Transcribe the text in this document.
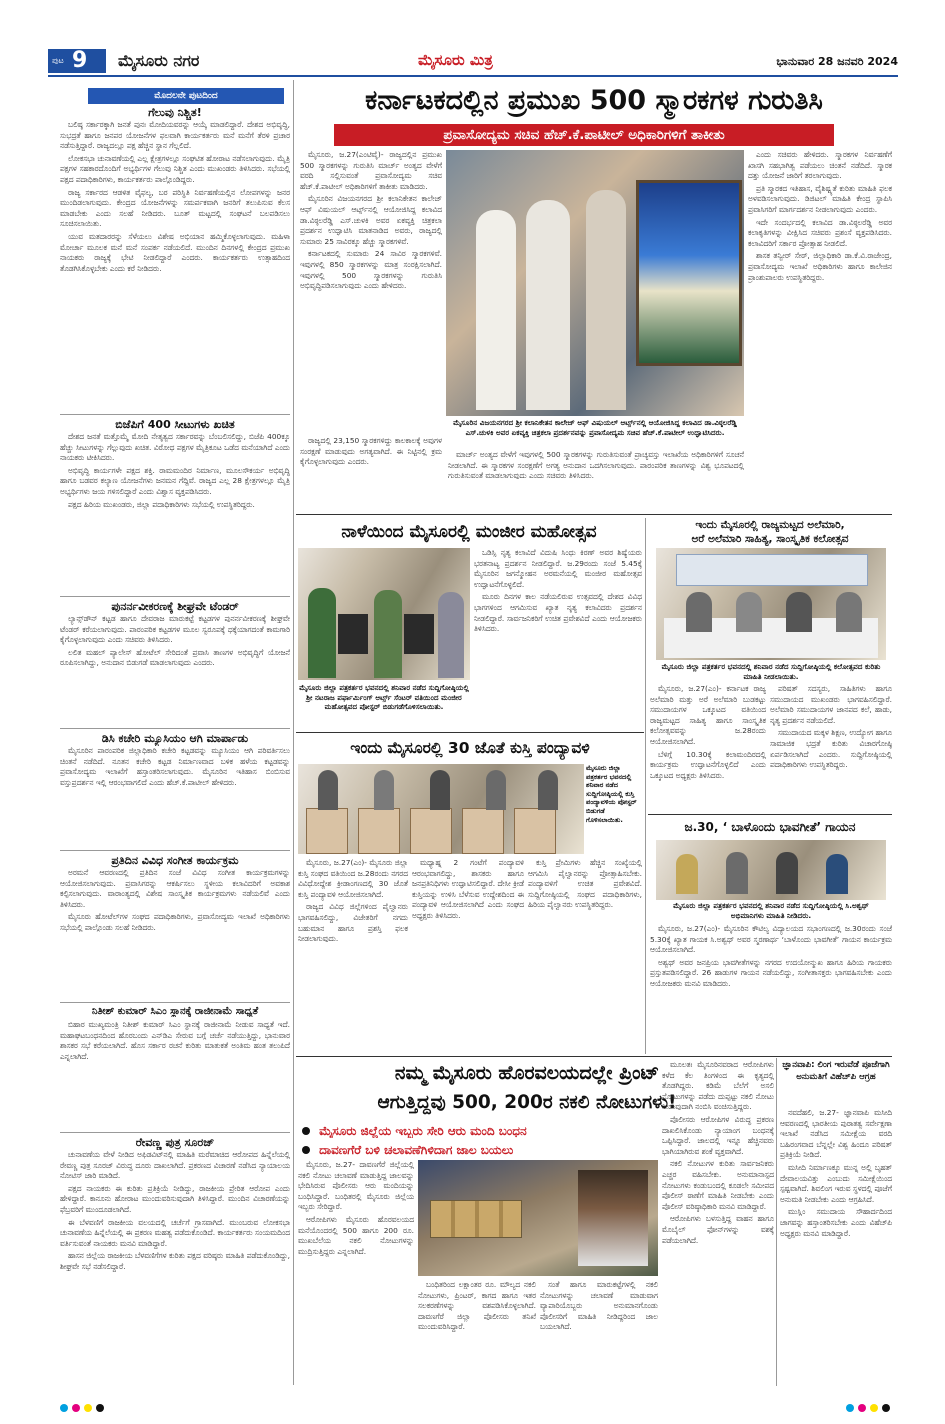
ಪುಟ 9 ಮೈಸೂರು ನಗರ	ಮೈಸೂರು ಮಿತ್ರ	ಭಾನುವಾರ 28 ಜನವರಿ 2024
ಮೊದಲನೇ ಪುಟದಿಂದ
ಗೆಲುವು ನಿಶ್ಚಿತ!

ಬಲಿಷ್ಠ ಸರ್ಕಾರಕ್ಕಾಗಿ ಜನತೆ ಪುನಃ ಮೋದಿಯವರನ್ನು ಆಯ್ಕೆ ಮಾಡಲಿದ್ದಾರೆ. ದೇಶದ ಅಭಿವೃದ್ಧಿ, ಸುಭದ್ರತೆ ಹಾಗೂ ಜನಪರ ಯೋಜನೆಗಳ ಫಲವಾಗಿ ಕಾರ್ಯಕರ್ತರು ಮನೆ ಮನೆಗೆ ತೆರಳಿ ಪ್ರಚಾರ ನಡೆಸುತ್ತಿದ್ದಾರೆ. ರಾಜ್ಯದಲ್ಲೂ ಪಕ್ಷ ಹೆಚ್ಚಿನ ಸ್ಥಾನ ಗೆಲ್ಲಲಿದೆ.

ಲೋಕಸಭಾ ಚುನಾವಣೆಯಲ್ಲಿ ಎಲ್ಲ ಕ್ಷೇತ್ರಗಳಲ್ಲೂ ಸಂಘಟಿತ ಹೋರಾಟ ನಡೆಸಲಾಗುವುದು. ಮೈತ್ರಿ ಪಕ್ಷಗಳ ಸಹಕಾರದೊಂದಿಗೆ ಅಭ್ಯರ್ಥಿಗಳ ಗೆಲುವು ನಿಶ್ಚಿತ ಎಂದು ಮುಖಂಡರು ತಿಳಿಸಿದರು. ಸಭೆಯಲ್ಲಿ ಪಕ್ಷದ ಪದಾಧಿಕಾರಿಗಳು, ಕಾರ್ಯಕರ್ತರು ಪಾಲ್ಗೊಂಡಿದ್ದರು.

ರಾಜ್ಯ ಸರ್ಕಾರದ ಆಡಳಿತ ವೈಫಲ್ಯ, ಬರ ಪರಿಸ್ಥಿತಿ ನಿರ್ವಹಣೆಯಲ್ಲಿನ ಲೋಪಗಳನ್ನು ಜನರ ಮುಂದಿಡಲಾಗುವುದು. ಕೇಂದ್ರದ ಯೋಜನೆಗಳನ್ನು ಸಮರ್ಪಕವಾಗಿ ಜನರಿಗೆ ತಲುಪಿಸುವ ಕೆಲಸ ಮಾಡಬೇಕು ಎಂದು ಸಲಹೆ ನೀಡಿದರು. ಬೂತ್ ಮಟ್ಟದಲ್ಲಿ ಸಂಘಟನೆ ಬಲಪಡಿಸಲು ಸೂಚಿಸಲಾಯಿತು.

ಯುವ ಮತದಾರರನ್ನು ಸೆಳೆಯಲು ವಿಶೇಷ ಅಭಿಯಾನ ಹಮ್ಮಿಕೊಳ್ಳಲಾಗುವುದು. ಮಹಿಳಾ ಮೋರ್ಚಾ ಮೂಲಕ ಮನೆ ಮನೆ ಸಂಪರ್ಕ ನಡೆಯಲಿದೆ. ಮುಂದಿನ ದಿನಗಳಲ್ಲಿ ಕೇಂದ್ರದ ಪ್ರಮುಖ ನಾಯಕರು ರಾಜ್ಯಕ್ಕೆ ಭೇಟಿ ನೀಡಲಿದ್ದಾರೆ ಎಂದರು. ಕಾರ್ಯಕರ್ತರು ಉತ್ಸಾಹದಿಂದ ತೊಡಗಿಸಿಕೊಳ್ಳಬೇಕು ಎಂದು ಕರೆ ನೀಡಿದರು.

ಬಿಜೆಪಿಗೆ 400 ಸೀಟುಗಳು ಖಚಿತ

ದೇಶದ ಜನತೆ ಮತ್ತೊಮ್ಮೆ ಮೋದಿ ನೇತೃತ್ವದ ಸರ್ಕಾರವನ್ನು ಬೆಂಬಲಿಸಲಿದ್ದು, ಬಿಜೆಪಿ 400ಕ್ಕೂ ಹೆಚ್ಚು ಸೀಟುಗಳನ್ನು ಗೆಲ್ಲುವುದು ಖಚಿತ. ವಿರೋಧ ಪಕ್ಷಗಳ ಮೈತ್ರಿಕೂಟ ಒಡೆದ ಮನೆಯಾಗಿದೆ ಎಂದು ನಾಯಕರು ಟೀಕಿಸಿದರು.

ಅಭಿವೃದ್ಧಿ ಕಾರ್ಯಗಳೇ ಪಕ್ಷದ ಶಕ್ತಿ. ರಾಮಮಂದಿರ ನಿರ್ಮಾಣ, ಮೂಲಸೌಕರ್ಯ ಅಭಿವೃದ್ಧಿ ಹಾಗೂ ಬಡವರ ಕಲ್ಯಾಣ ಯೋಜನೆಗಳು ಜನಮನ ಗೆದ್ದಿವೆ. ರಾಜ್ಯದ ಎಲ್ಲ 28 ಕ್ಷೇತ್ರಗಳಲ್ಲೂ ಮೈತ್ರಿ ಅಭ್ಯರ್ಥಿಗಳು ಜಯ ಗಳಿಸಲಿದ್ದಾರೆ ಎಂದು ವಿಶ್ವಾಸ ವ್ಯಕ್ತಪಡಿಸಿದರು.

ಪಕ್ಷದ ಹಿರಿಯ ಮುಖಂಡರು, ಜಿಲ್ಲಾ ಪದಾಧಿಕಾರಿಗಳು ಸಭೆಯಲ್ಲಿ ಉಪಸ್ಥಿತರಿದ್ದರು.

ಪುನರ್ನವೀಕರಣಕ್ಕೆ ಶೀಘ್ರವೇ ಟೆಂಡರ್

ಲ್ಯಾನ್ಸ್‌ಡೌನ್ ಕಟ್ಟಡ ಹಾಗೂ ದೇವರಾಜ ಮಾರುಕಟ್ಟೆ ಕಟ್ಟಡಗಳ ಪುನರ್ನವೀಕರಣಕ್ಕೆ ಶೀಘ್ರವೇ ಟೆಂಡರ್ ಕರೆಯಲಾಗುವುದು. ಪಾರಂಪರಿಕ ಕಟ್ಟಡಗಳ ಮೂಲ ಸ್ವರೂಪಕ್ಕೆ ಧಕ್ಕೆಯಾಗದಂತೆ ಕಾಮಗಾರಿ ಕೈಗೊಳ್ಳಲಾಗುವುದು ಎಂದು ಸಚಿವರು ತಿಳಿಸಿದರು.

ಲಲಿತ ಮಹಲ್ ಪ್ಯಾಲೇಸ್ ಹೋಟೆಲ್ ಸೇರಿದಂತೆ ಪ್ರವಾಸಿ ತಾಣಗಳ ಅಭಿವೃದ್ಧಿಗೆ ಯೋಜನೆ ರೂಪಿಸಲಾಗಿದ್ದು, ಅನುದಾನ ಬಿಡುಗಡೆ ಮಾಡಲಾಗುವುದು ಎಂದರು.

ಡಿಸಿ ಕಚೇರಿ ಮ್ಯೂಸಿಯಂ ಆಗಿ ಮಾರ್ಪಾಡು

ಮೈಸೂರಿನ ಪಾರಂಪರಿಕ ಜಿಲ್ಲಾಧಿಕಾರಿ ಕಚೇರಿ ಕಟ್ಟಡವನ್ನು ಮ್ಯೂಸಿಯಂ ಆಗಿ ಪರಿವರ್ತಿಸಲು ಚಿಂತನೆ ನಡೆದಿದೆ. ನೂತನ ಕಚೇರಿ ಕಟ್ಟಡ ನಿರ್ಮಾಣವಾದ ಬಳಿಕ ಹಳೆಯ ಕಟ್ಟಡವನ್ನು ಪ್ರವಾಸೋದ್ಯಮ ಇಲಾಖೆಗೆ ಹಸ್ತಾಂತರಿಸಲಾಗುವುದು. ಮೈಸೂರಿನ ಇತಿಹಾಸ ಬಿಂಬಿಸುವ ವಸ್ತುಪ್ರದರ್ಶನ ಇಲ್ಲಿ ಆರಂಭವಾಗಲಿದೆ ಎಂದು ಹೆಚ್.ಕೆ.ಪಾಟೀಲ್ ಹೇಳಿದರು.

ಪ್ರತಿದಿನ ವಿವಿಧ ಸಂಗೀತ ಕಾರ್ಯಕ್ರಮ

ಅರಮನೆ ಆವರಣದಲ್ಲಿ ಪ್ರತಿದಿನ ಸಂಜೆ ವಿವಿಧ ಸಂಗೀತ ಕಾರ್ಯಕ್ರಮಗಳನ್ನು ಆಯೋಜಿಸಲಾಗುವುದು. ಪ್ರವಾಸಿಗರನ್ನು ಆಕರ್ಷಿಸಲು ಸ್ಥಳೀಯ ಕಲಾವಿದರಿಗೆ ಅವಕಾಶ ಕಲ್ಪಿಸಲಾಗುವುದು. ವಾರಾಂತ್ಯದಲ್ಲಿ ವಿಶೇಷ ಸಾಂಸ್ಕೃತಿಕ ಕಾರ್ಯಕ್ರಮಗಳು ನಡೆಯಲಿವೆ ಎಂದು ತಿಳಿಸಿದರು.

ಮೈಸೂರು ಹೋಟೆಲ್‌ಗಳ ಸಂಘದ ಪದಾಧಿಕಾರಿಗಳು, ಪ್ರವಾಸೋದ್ಯಮ ಇಲಾಖೆ ಅಧಿಕಾರಿಗಳು ಸಭೆಯಲ್ಲಿ ಪಾಲ್ಗೊಂಡು ಸಲಹೆ ನೀಡಿದರು.

ನಿತೀಶ್ ಕುಮಾರ್ ಸಿಎಂ ಸ್ಥಾನಕ್ಕೆ ರಾಜೀನಾಮೆ ಸಾಧ್ಯತೆ

ಬಿಹಾರ ಮುಖ್ಯಮಂತ್ರಿ ನಿತೀಶ್ ಕುಮಾರ್ ಸಿಎಂ ಸ್ಥಾನಕ್ಕೆ ರಾಜೀನಾಮೆ ನೀಡುವ ಸಾಧ್ಯತೆ ಇದೆ. ಮಹಾಘಟಬಂಧನದಿಂದ ಹೊರಬಂದು ಎನ್‌ಡಿಎ ಸೇರುವ ಬಗ್ಗೆ ಚರ್ಚೆ ನಡೆಯುತ್ತಿದ್ದು, ಭಾನುವಾರ ಶಾಸಕರ ಸಭೆ ಕರೆಯಲಾಗಿದೆ. ಹೊಸ ಸರ್ಕಾರ ರಚನೆ ಕುರಿತು ಮಾತುಕತೆ ಅಂತಿಮ ಹಂತ ತಲುಪಿದೆ ಎನ್ನಲಾಗಿದೆ.

ರೇವಣ್ಣ ಪುತ್ರ ಸೂರಜ್

ಚುನಾವಣೆಯ ವೇಳೆ ನೀಡಿದ ಅಫಿಡವಿಟ್‌ನಲ್ಲಿ ಮಾಹಿತಿ ಮರೆಮಾಚಿದ ಆರೋಪದ ಹಿನ್ನೆಲೆಯಲ್ಲಿ ರೇವಣ್ಣ ಪುತ್ರ ಸೂರಜ್ ವಿರುದ್ಧ ದೂರು ದಾಖಲಾಗಿದೆ. ಪ್ರಕರಣದ ವಿಚಾರಣೆ ನಡೆಸಿದ ನ್ಯಾಯಾಲಯ ನೋಟಿಸ್ ಜಾರಿ ಮಾಡಿದೆ.

ಪಕ್ಷದ ನಾಯಕರು ಈ ಕುರಿತು ಪ್ರತಿಕ್ರಿಯೆ ನೀಡಿದ್ದು, ರಾಜಕೀಯ ಪ್ರೇರಿತ ಆರೋಪ ಎಂದು ಹೇಳಿದ್ದಾರೆ. ಕಾನೂನು ಹೋರಾಟ ಮುಂದುವರಿಸುವುದಾಗಿ ತಿಳಿಸಿದ್ದಾರೆ. ಮುಂದಿನ ವಿಚಾರಣೆಯನ್ನು ಫೆಬ್ರವರಿಗೆ ಮುಂದೂಡಲಾಗಿದೆ.

ಈ ಬೆಳವಣಿಗೆ ರಾಜಕೀಯ ವಲಯದಲ್ಲಿ ಚರ್ಚೆಗೆ ಗ್ರಾಸವಾಗಿದೆ. ಮುಂಬರುವ ಲೋಕಸಭಾ ಚುನಾವಣೆಯ ಹಿನ್ನೆಲೆಯಲ್ಲಿ ಈ ಪ್ರಕರಣ ಮಹತ್ವ ಪಡೆದುಕೊಂಡಿದೆ. ಕಾರ್ಯಕರ್ತರು ಸಂಯಮದಿಂದ ವರ್ತಿಸುವಂತೆ ನಾಯಕರು ಮನವಿ ಮಾಡಿದ್ದಾರೆ.

ಹಾಸನ ಜಿಲ್ಲೆಯ ರಾಜಕೀಯ ಬೆಳವಣಿಗೆಗಳ ಕುರಿತು ಪಕ್ಷದ ವರಿಷ್ಠರು ಮಾಹಿತಿ ಪಡೆದುಕೊಂಡಿದ್ದು, ಶೀಘ್ರವೇ ಸಭೆ ನಡೆಸಲಿದ್ದಾರೆ.

ಕರ್ನಾಟಕದಲ್ಲಿನ ಪ್ರಮುಖ 500 ಸ್ಮಾರಕಗಳ ಗುರುತಿಸಿ
ಪ್ರವಾಸೋದ್ಯಮ ಸಚಿವ ಹೆಚ್.ಕೆ.ಪಾಟೀಲ್ ಅಧಿಕಾರಿಗಳಿಗೆ ತಾಕೀತು

ಮೈಸೂರು, ಜ.27(ಎಂಟಿವೈ)- ರಾಜ್ಯದಲ್ಲಿನ ಪ್ರಮುಖ 500 ಸ್ಮಾರಕಗಳನ್ನು ಗುರುತಿಸಿ ಮಾರ್ಚ್ ಅಂತ್ಯದ ವೇಳೆಗೆ ವರದಿ ಸಲ್ಲಿಸುವಂತೆ ಪ್ರವಾಸೋದ್ಯಮ ಸಚಿವ ಹೆಚ್.ಕೆ.ಪಾಟೀಲ್ ಅಧಿಕಾರಿಗಳಿಗೆ ತಾಕೀತು ಮಾಡಿದರು.

ಮೈಸೂರಿನ ವಿಜಯನಗರದ ಶ್ರೀ ಕಲಾನಿಕೇತನ ಕಾಲೇಜ್ ಆಫ್ ವಿಷುಯಲ್ ಆರ್ಟ್ಸ್‌ನಲ್ಲಿ ಆಯೋಜಿಸಿದ್ದ ಕಲಾವಿದ ಡಾ.ವಿಠ್ಠಲರೆಡ್ಡಿ ಎಸ್.ಚುಳಕಿ ಅವರ ಏಕವ್ಯಕ್ತಿ ಚಿತ್ರಕಲಾ ಪ್ರದರ್ಶನ ಉದ್ಘಾಟಿಸಿ ಮಾತನಾಡಿದ ಅವರು, ರಾಜ್ಯದಲ್ಲಿ ಸುಮಾರು 25 ಸಾವಿರಕ್ಕೂ ಹೆಚ್ಚು ಸ್ಮಾರಕಗಳಿವೆ.

ಕರ್ನಾಟಕದಲ್ಲಿ ಸುಮಾರು 24 ಸಾವಿರ ಸ್ಮಾರಕಗಳಿವೆ. ಇವುಗಳಲ್ಲಿ 850 ಸ್ಮಾರಕಗಳನ್ನು ಮಾತ್ರ ಸಂರಕ್ಷಿಸಲಾಗಿದೆ. ಇವುಗಳಲ್ಲಿ 500 ಸ್ಮಾರಕಗಳನ್ನು ಗುರುತಿಸಿ ಅಭಿವೃದ್ಧಿಪಡಿಸಲಾಗುವುದು ಎಂದು ಹೇಳಿದರು.

ಮೈಸೂರಿನ ವಿಜಯನಗರದ ಶ್ರೀ ಕಲಾನಿಕೇತನ ಕಾಲೇಜ್ ಆಫ್ ವಿಷುಯಲ್ ಆರ್ಟ್ಸ್‌ನಲ್ಲಿ ಆಯೋಜಿಸಿದ್ದ ಕಲಾವಿದ ಡಾ.ವಿಠ್ಠಲರೆಡ್ಡಿ ಎಸ್.ಚುಳಕಿ ಅವರ ಏಕವ್ಯಕ್ತಿ ಚಿತ್ರಕಲಾ ಪ್ರದರ್ಶನವನ್ನು ಪ್ರವಾಸೋದ್ಯಮ ಸಚಿವ ಹೆಚ್.ಕೆ.ಪಾಟೀಲ್ ಉದ್ಘಾಟಿಸಿದರು.

ಎಂದು ಸಚಿವರು ಹೇಳಿದರು. ಸ್ಮಾರಕಗಳ ನಿರ್ವಹಣೆಗೆ ಖಾಸಗಿ ಸಹಭಾಗಿತ್ವ ಪಡೆಯಲು ಚಿಂತನೆ ನಡೆದಿದೆ. ಸ್ಮಾರಕ ದತ್ತು ಯೋಜನೆ ಜಾರಿಗೆ ತರಲಾಗುವುದು.

ಪ್ರತಿ ಸ್ಮಾರಕದ ಇತಿಹಾಸ, ವೈಶಿಷ್ಟ್ಯತೆ ಕುರಿತು ಮಾಹಿತಿ ಫಲಕ ಅಳವಡಿಸಲಾಗುವುದು. ಡಿಜಿಟಲ್ ಮಾಹಿತಿ ಕೇಂದ್ರ ಸ್ಥಾಪಿಸಿ ಪ್ರವಾಸಿಗರಿಗೆ ಮಾರ್ಗದರ್ಶನ ನೀಡಲಾಗುವುದು ಎಂದರು.

ಇದೇ ಸಂದರ್ಭದಲ್ಲಿ ಕಲಾವಿದ ಡಾ.ವಿಠ್ಠಲರೆಡ್ಡಿ ಅವರ ಕಲಾಕೃತಿಗಳನ್ನು ವೀಕ್ಷಿಸಿದ ಸಚಿವರು ಪ್ರಶಂಸೆ ವ್ಯಕ್ತಪಡಿಸಿದರು. ಕಲಾವಿದರಿಗೆ ಸರ್ಕಾರ ಪ್ರೋತ್ಸಾಹ ನೀಡಲಿದೆ.

ಶಾಸಕ ತನ್ವೀರ್ ಸೇಠ್, ಜಿಲ್ಲಾಧಿಕಾರಿ ಡಾ.ಕೆ.ವಿ.ರಾಜೇಂದ್ರ, ಪ್ರವಾಸೋದ್ಯಮ ಇಲಾಖೆ ಅಧಿಕಾರಿಗಳು ಹಾಗೂ ಕಾಲೇಜಿನ ಪ್ರಾಂಶುಪಾಲರು ಉಪಸ್ಥಿತರಿದ್ದರು.

ಮಾರ್ಚ್ ಅಂತ್ಯದ ವೇಳೆಗೆ ಇವುಗಳಲ್ಲಿ 500 ಸ್ಮಾರಕಗಳನ್ನು ಗುರುತಿಸುವಂತೆ ಪ್ರಾಚ್ಯವಸ್ತು ಇಲಾಖೆಯ ಅಧಿಕಾರಿಗಳಿಗೆ ಸೂಚನೆ ನೀಡಲಾಗಿದೆ. ಈ ಸ್ಮಾರಕಗಳ ಸಂರಕ್ಷಣೆಗೆ ಅಗತ್ಯ ಅನುದಾನ ಒದಗಿಸಲಾಗುವುದು. ಪಾರಂಪರಿಕ ತಾಣಗಳನ್ನು ವಿಶ್ವ ಭೂಪಟದಲ್ಲಿ ಗುರುತಿಸುವಂತೆ ಮಾಡಲಾಗುವುದು ಎಂದು ಸಚಿವರು ತಿಳಿಸಿದರು.

ರಾಜ್ಯದಲ್ಲಿ 23,150 ಸ್ಮಾರಕಗಳಿದ್ದು ಕಾಲಕಾಲಕ್ಕೆ ಅವುಗಳ ಸಂರಕ್ಷಣೆ ಮಾಡುವುದು ಅಗತ್ಯವಾಗಿದೆ. ಈ ನಿಟ್ಟಿನಲ್ಲಿ ಕ್ರಮ ಕೈಗೊಳ್ಳಲಾಗುವುದು ಎಂದರು.

ನಾಳೆಯಿಂದ ಮೈಸೂರಲ್ಲಿ ಮಂಜೀರ ಮಹೋತ್ಸವ
ಮೈಸೂರು ಜಿಲ್ಲಾ ಪತ್ರಕರ್ತರ ಭವನದಲ್ಲಿ ಶನಿವಾರ ನಡೆದ ಸುದ್ದಿಗೋಷ್ಠಿಯಲ್ಲಿ ಶ್ರೀ ನಟರಾಜ ಪರ್ಫಾರ್ಮಿಂಗ್ ಆರ್ಟ್ಸ್ ಸೆಂಟರ್ ವತಿಯಿಂದ ಮಂಜೀರ ಮಹೋತ್ಸವದ ಪೋಸ್ಟರ್ ಬಿಡುಗಡೆಗೊಳಿಸಲಾಯಿತು.

ಒಡಿಸ್ಸಿ ನೃತ್ಯ ಕಲಾವಿದೆ ವಿದುಷಿ ಸಿಂಧು ಕಿರಣ್ ಅವರ ಶಿಷ್ಯೆಯರು ಭರತನಾಟ್ಯ ಪ್ರದರ್ಶನ ನೀಡಲಿದ್ದಾರೆ. ಜ.29ರಂದು ಸಂಜೆ 5.45ಕ್ಕೆ ಮೈಸೂರಿನ ಜಗನ್ಮೋಹನ ಅರಮನೆಯಲ್ಲಿ ಮಂಜೀರ ಮಹೋತ್ಸವ ಉದ್ಘಾಟನೆಗೊಳ್ಳಲಿದೆ.

ಮೂರು ದಿನಗಳ ಕಾಲ ನಡೆಯಲಿರುವ ಉತ್ಸವದಲ್ಲಿ ದೇಶದ ವಿವಿಧ ಭಾಗಗಳಿಂದ ಆಗಮಿಸುವ ಖ್ಯಾತ ನೃತ್ಯ ಕಲಾವಿದರು ಪ್ರದರ್ಶನ ನೀಡಲಿದ್ದಾರೆ. ಸಾರ್ವಜನಿಕರಿಗೆ ಉಚಿತ ಪ್ರವೇಶವಿದೆ ಎಂದು ಆಯೋಜಕರು ತಿಳಿಸಿದರು.

ಇಂದು ಮೈಸೂರಲ್ಲಿ ರಾಜ್ಯಮಟ್ಟದ ಅಲೆಮಾರಿ,
ಅರೆ ಅಲೆಮಾರಿ ಸಾಹಿತ್ಯ, ಸಾಂಸ್ಕೃತಿಕ ಕಲೋತ್ಸವ
ಮೈಸೂರು ಜಿಲ್ಲಾ ಪತ್ರಕರ್ತರ ಭವನದಲ್ಲಿ ಶನಿವಾರ ನಡೆದ ಸುದ್ದಿಗೋಷ್ಠಿಯಲ್ಲಿ ಕಲೋತ್ಸವದ ಕುರಿತು ಮಾಹಿತಿ ನೀಡಲಾಯಿತು.

ಮೈಸೂರು, ಜ.27(ಎಂ)- ಕರ್ನಾಟಕ ರಾಜ್ಯ ಅಲೆಮಾರಿ ಮತ್ತು ಅರೆ ಅಲೆಮಾರಿ ಬುಡಕಟ್ಟು ಸಮುದಾಯಗಳ ಒಕ್ಕೂಟದ ವತಿಯಿಂದ ರಾಜ್ಯಮಟ್ಟದ ಸಾಹಿತ್ಯ ಹಾಗೂ ಸಾಂಸ್ಕೃತಿಕ ಕಲೋತ್ಸವವನ್ನು ಜ.28ರಂದು ಆಯೋಜಿಸಲಾಗಿದೆ.

ಬೆಳಿಗ್ಗೆ 10.30ಕ್ಕೆ ಕಲಾಮಂದಿರದಲ್ಲಿ ಕಾರ್ಯಕ್ರಮ ಉದ್ಘಾಟನೆಗೊಳ್ಳಲಿದೆ ಎಂದು ಒಕ್ಕೂಟದ ಅಧ್ಯಕ್ಷರು ತಿಳಿಸಿದರು.

ಪರಿಷತ್ ಸದಸ್ಯರು, ಸಾಹಿತಿಗಳು ಹಾಗೂ ಸಮುದಾಯದ ಮುಖಂಡರು ಭಾಗವಹಿಸಲಿದ್ದಾರೆ. ಅಲೆಮಾರಿ ಸಮುದಾಯಗಳ ಜಾನಪದ ಕಲೆ, ಹಾಡು, ನೃತ್ಯ ಪ್ರದರ್ಶನ ನಡೆಯಲಿದೆ.

ಸಮುದಾಯದ ಮಕ್ಕಳ ಶಿಕ್ಷಣ, ಉದ್ಯೋಗ ಹಾಗೂ ಸಾಮಾಜಿಕ ಭದ್ರತೆ ಕುರಿತು ವಿಚಾರಗೋಷ್ಠಿ ಏರ್ಪಡಿಸಲಾಗಿದೆ ಎಂದರು. ಸುದ್ದಿಗೋಷ್ಠಿಯಲ್ಲಿ ಪದಾಧಿಕಾರಿಗಳು ಉಪಸ್ಥಿತರಿದ್ದರು.

ಜ.30, ‘ ಬಾಳೊಂದು ಭಾವಗೀತೆ’ ಗಾಯನ
ಮೈಸೂರು ಜಿಲ್ಲಾ ಪತ್ರಕರ್ತರ ಭವನದಲ್ಲಿ ಶನಿವಾರ ನಡೆದ ಸುದ್ದಿಗೋಷ್ಠಿಯಲ್ಲಿ ಸಿ.ಅಶ್ವಥ್ ಅಭಿಮಾನಿಗಳು ಮಾಹಿತಿ ನೀಡಿದರು.

ಮೈಸೂರು, ಜ.27(ಎಂ)- ಮೈಸೂರಿನ ಕೌಟಿಲ್ಯ ವಿದ್ಯಾಲಯದ ಸಭಾಂಗಣದಲ್ಲಿ ಜ.30ರಂದು ಸಂಜೆ 5.30ಕ್ಕೆ ಖ್ಯಾತ ಗಾಯಕ ಸಿ.ಅಶ್ವಥ್ ಅವರ ಸ್ಮರಣಾರ್ಥ ‘ಬಾಳೊಂದು ಭಾವಗೀತೆ’ ಗಾಯನ ಕಾರ್ಯಕ್ರಮ ಆಯೋಜಿಸಲಾಗಿದೆ.

ಅಶ್ವಥ್ ಅವರ ಜನಪ್ರಿಯ ಭಾವಗೀತೆಗಳನ್ನು ನಗರದ ಉದಯೋನ್ಮುಖ ಹಾಗೂ ಹಿರಿಯ ಗಾಯಕರು ಪ್ರಸ್ತುತಪಡಿಸಲಿದ್ದಾರೆ. 26 ಹಾಡುಗಳ ಗಾಯನ ನಡೆಯಲಿದ್ದು, ಸಂಗೀತಾಸಕ್ತರು ಭಾಗವಹಿಸಬೇಕು ಎಂದು ಆಯೋಜಕರು ಮನವಿ ಮಾಡಿದರು.

ಇಂದು ಮೈಸೂರಲ್ಲಿ 30 ಜೊತೆ ಕುಸ್ತಿ ಪಂದ್ಯಾವಳಿ
ಮೈಸೂರು ಜಿಲ್ಲಾ ಪತ್ರಕರ್ತರ ಭವನದಲ್ಲಿ ಶನಿವಾರ ನಡೆದ ಸುದ್ದಿಗೋಷ್ಠಿಯಲ್ಲಿ ಕುಸ್ತಿ ಪಂದ್ಯಾವಳಿಯ ಪೋಸ್ಟರ್ ಬಿಡುಗಡೆ ಗೊಳಿಸಲಾಯಿತು.

ಮೈಸೂರು, ಜ.27(ಎಂ)- ಮೈಸೂರು ಜಿಲ್ಲಾ ಕುಸ್ತಿ ಸಂಘದ ವತಿಯಿಂದ ಜ.28ರಂದು ನಗರದ ವಿವಿಧೋದ್ದೇಶ ಕ್ರೀಡಾಂಗಣದಲ್ಲಿ 30 ಜೊತೆ ಕುಸ್ತಿ ಪಂದ್ಯಾವಳಿ ಆಯೋಜಿಸಲಾಗಿದೆ.

ರಾಜ್ಯದ ವಿವಿಧ ಜಿಲ್ಲೆಗಳಿಂದ ಪೈಲ್ವಾನರು ಭಾಗವಹಿಸಲಿದ್ದು, ವಿಜೇತರಿಗೆ ನಗದು ಬಹುಮಾನ ಹಾಗೂ ಪ್ರಶಸ್ತಿ ಫಲಕ ನೀಡಲಾಗುವುದು.

ಮಧ್ಯಾಹ್ನ 2 ಗಂಟೆಗೆ ಪಂದ್ಯಾವಳಿ ಆರಂಭವಾಗಲಿದ್ದು, ಶಾಸಕರು ಹಾಗೂ ಜನಪ್ರತಿನಿಧಿಗಳು ಉದ್ಘಾಟಿಸಲಿದ್ದಾರೆ. ದೇಸೀ ಕ್ರೀಡೆ ಕುಸ್ತಿಯನ್ನು ಉಳಿಸಿ ಬೆಳೆಸುವ ಉದ್ದೇಶದಿಂದ ಈ ಪಂದ್ಯಾವಳಿ ಆಯೋಜಿಸಲಾಗಿದೆ ಎಂದು ಸಂಘದ ಅಧ್ಯಕ್ಷರು ತಿಳಿಸಿದರು.

ಕುಸ್ತಿ ಪ್ರೇಮಿಗಳು ಹೆಚ್ಚಿನ ಸಂಖ್ಯೆಯಲ್ಲಿ ಆಗಮಿಸಿ ಪೈಲ್ವಾನರನ್ನು ಪ್ರೋತ್ಸಾಹಿಸಬೇಕು. ಪಂದ್ಯಾವಳಿಗೆ ಉಚಿತ ಪ್ರವೇಶವಿದೆ. ಸುದ್ದಿಗೋಷ್ಠಿಯಲ್ಲಿ ಸಂಘದ ಪದಾಧಿಕಾರಿಗಳು, ಹಿರಿಯ ಪೈಲ್ವಾನರು ಉಪಸ್ಥಿತರಿದ್ದರು.

ನಮ್ಮ ಮೈಸೂರು ಹೊರವಲಯದಲ್ಲೇ ಪ್ರಿಂಟ್
ಆಗುತ್ತಿದ್ದವು 500, 200ರ ನಕಲಿ ನೋಟುಗಳು!
ಮೈಸೂರು ಜಿಲ್ಲೆಯ ಇಬ್ಬರು ಸೇರಿ ಆರು ಮಂದಿ ಬಂಧನ
ದಾವಣಗೆರೆ ಬಳಿ ಚಲಾವಣೆಗಿಳಿದಾಗ ಜಾಲ ಬಯಲು

ಮೈಸೂರು, ಜ.27- ದಾವಣಗೆರೆ ಜಿಲ್ಲೆಯಲ್ಲಿ ನಕಲಿ ನೋಟು ಚಲಾವಣೆ ಮಾಡುತ್ತಿದ್ದ ಜಾಲವನ್ನು ಭೇದಿಸಿರುವ ಪೊಲೀಸರು ಆರು ಮಂದಿಯನ್ನು ಬಂಧಿಸಿದ್ದಾರೆ. ಬಂಧಿತರಲ್ಲಿ ಮೈಸೂರು ಜಿಲ್ಲೆಯ ಇಬ್ಬರು ಸೇರಿದ್ದಾರೆ.

ಆರೋಪಿಗಳು ಮೈಸೂರು ಹೊರವಲಯದ ಮನೆಯೊಂದರಲ್ಲಿ 500 ಹಾಗೂ 200 ರೂ. ಮುಖಬೆಲೆಯ ನಕಲಿ ನೋಟುಗಳನ್ನು ಮುದ್ರಿಸುತ್ತಿದ್ದರು ಎನ್ನಲಾಗಿದೆ.

ಬಂಧಿತರಿಂದ ಲಕ್ಷಾಂತರ ರೂ. ಮೌಲ್ಯದ ನಕಲಿ ನೋಟುಗಳು, ಪ್ರಿಂಟರ್, ಕಾಗದ ಹಾಗೂ ಇತರ ಸಲಕರಣೆಗಳನ್ನು ವಶಪಡಿಸಿಕೊಳ್ಳಲಾಗಿದೆ. ದಾವಣಗೆರೆ ಜಿಲ್ಲಾ ಪೊಲೀಸರು ತನಿಖೆ ಮುಂದುವರಿಸಿದ್ದಾರೆ.

ಸಂತೆ ಹಾಗೂ ಮಾರುಕಟ್ಟೆಗಳಲ್ಲಿ ನಕಲಿ ನೋಟುಗಳನ್ನು ಚಲಾವಣೆ ಮಾಡುವಾಗ ವ್ಯಾಪಾರಿಯೊಬ್ಬರು ಅನುಮಾನಗೊಂಡು ಪೊಲೀಸರಿಗೆ ಮಾಹಿತಿ ನೀಡಿದ್ದರಿಂದ ಜಾಲ ಬಯಲಾಗಿದೆ.

ಮೂಲತಃ ಮೈಸೂರಿನವರಾದ ಆರೋಪಿಗಳು ಕಳೆದ ಕೆಲ ತಿಂಗಳಿಂದ ಈ ಕೃತ್ಯದಲ್ಲಿ ತೊಡಗಿದ್ದರು. ಕಡಿಮೆ ಬೆಲೆಗೆ ಅಸಲಿ ನೋಟುಗಳನ್ನು ಪಡೆದು ದುಪ್ಪಟ್ಟು ನಕಲಿ ನೋಟು ನೀಡುವುದಾಗಿ ನಂಬಿಸಿ ವಂಚಿಸುತ್ತಿದ್ದರು.

ಪೊಲೀಸರು ಆರೋಪಿಗಳ ವಿರುದ್ಧ ಪ್ರಕರಣ ದಾಖಲಿಸಿಕೊಂಡು ನ್ಯಾಯಾಂಗ ಬಂಧನಕ್ಕೆ ಒಪ್ಪಿಸಿದ್ದಾರೆ. ಜಾಲದಲ್ಲಿ ಇನ್ನೂ ಹೆಚ್ಚಿನವರು ಭಾಗಿಯಾಗಿರುವ ಶಂಕೆ ವ್ಯಕ್ತವಾಗಿದೆ.

ನಕಲಿ ನೋಟುಗಳ ಕುರಿತು ಸಾರ್ವಜನಿಕರು ಎಚ್ಚರ ವಹಿಸಬೇಕು. ಅನುಮಾನಾಸ್ಪದ ನೋಟುಗಳು ಕಂಡುಬಂದಲ್ಲಿ ಕೂಡಲೇ ಸಮೀಪದ ಪೊಲೀಸ್ ಠಾಣೆಗೆ ಮಾಹಿತಿ ನೀಡಬೇಕು ಎಂದು ಪೊಲೀಸ್ ವರಿಷ್ಠಾಧಿಕಾರಿ ಮನವಿ ಮಾಡಿದ್ದಾರೆ.

ಆರೋಪಿಗಳು ಬಳಸುತ್ತಿದ್ದ ವಾಹನ ಹಾಗೂ ಮೊಬೈಲ್ ಫೋನ್‌ಗಳನ್ನು ವಶಕ್ಕೆ ಪಡೆಯಲಾಗಿದೆ.

ಜ್ಞಾನವಾಪಿ: ಲಿಂಗ ಇರುವೆಡೆ ಪೂಜೆಗಾಗಿ ಅನುಮತಿಗೆ ವಿಹೆಚ್‌ಪಿ ಆಗ್ರಹ

ನವದೆಹಲಿ, ಜ.27- ಜ್ಞಾನವಾಪಿ ಮಸೀದಿ ಆವರಣದಲ್ಲಿ ಭಾರತೀಯ ಪುರಾತತ್ವ ಸರ್ವೇಕ್ಷಣಾ ಇಲಾಖೆ ನಡೆಸಿದ ಸಮೀಕ್ಷೆಯ ವರದಿ ಬಹಿರಂಗವಾದ ಬೆನ್ನಲ್ಲೇ ವಿಶ್ವ ಹಿಂದೂ ಪರಿಷತ್ ಪ್ರತಿಕ್ರಿಯೆ ನೀಡಿದೆ.

ಮಸೀದಿ ನಿರ್ಮಾಣಕ್ಕೂ ಮುನ್ನ ಅಲ್ಲಿ ಬೃಹತ್ ದೇವಾಲಯವಿತ್ತು ಎಂಬುದು ಸಮೀಕ್ಷೆಯಿಂದ ಸ್ಪಷ್ಟವಾಗಿದೆ. ಶಿವಲಿಂಗ ಇರುವ ಸ್ಥಳದಲ್ಲಿ ಪೂಜೆಗೆ ಅನುಮತಿ ನೀಡಬೇಕು ಎಂದು ಆಗ್ರಹಿಸಿದೆ.

ಮುಸ್ಲಿಂ ಸಮುದಾಯ ಸೌಹಾರ್ದದಿಂದ ಜಾಗವನ್ನು ಹಸ್ತಾಂತರಿಸಬೇಕು ಎಂದು ವಿಹೆಚ್‌ಪಿ ಅಧ್ಯಕ್ಷರು ಮನವಿ ಮಾಡಿದ್ದಾರೆ.
